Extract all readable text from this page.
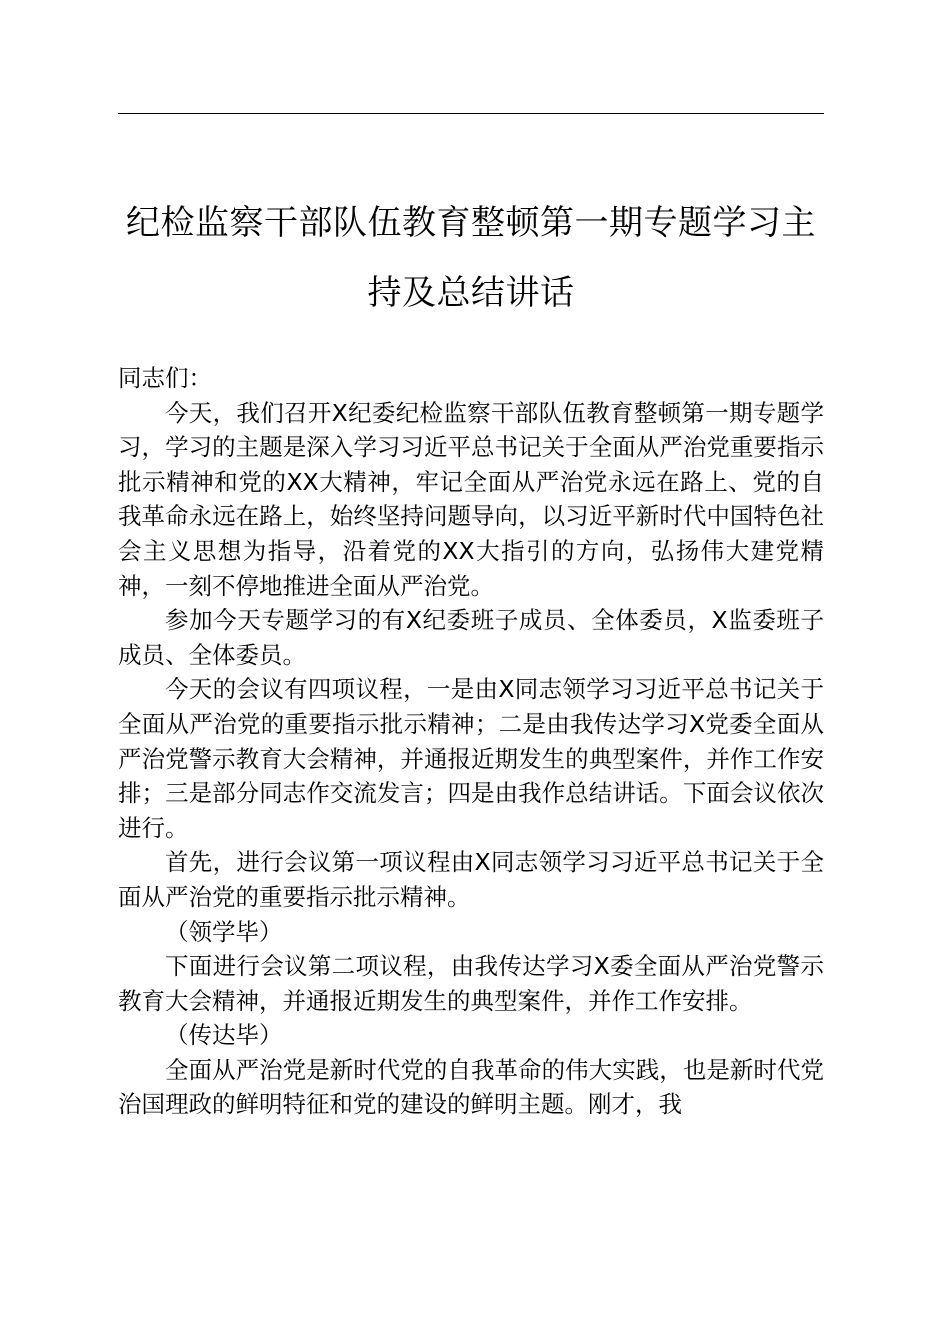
纪检监察干部队伍教育整顿第一期专题学习主持及总结讲话

同志们：

今天，我们召开X纪委纪检监察干部队伍教育整顿第一期专题学习，学习的主题是深入学习习近平总书记关于全面从严治党重要指示批示精神和党的XX大精神，牢记全面从严治党永远在路上、党的自我革命永远在路上，始终坚持问题导向，以习近平新时代中国特色社会主义思想为指导，沿着党的XX大指引的方向，弘扬伟大建党精神，一刻不停地推进全面从严治党。

参加今天专题学习的有X纪委班子成员、全体委员，X监委班子成员、全体委员。

今天的会议有四项议程，一是由X同志领学习习近平总书记关于全面从严治党的重要指示批示精神；二是由我传达学习X党委全面从严治党警示教育大会精神，并通报近期发生的典型案件，并作工作安排；三是部分同志作交流发言；四是由我作总结讲话。下面会议依次进行。

首先，进行会议第一项议程由X同志领学习习近平总书记关于全面从严治党的重要指示批示精神。

（领学毕）

下面进行会议第二项议程，由我传达学习X委全面从严治党警示教育大会精神，并通报近期发生的典型案件，并作工作安排。

（传达毕）

全面从严治党是新时代党的自我革命的伟大实践，也是新时代党治国理政的鲜明特征和党的建设的鲜明主题。刚才，我
